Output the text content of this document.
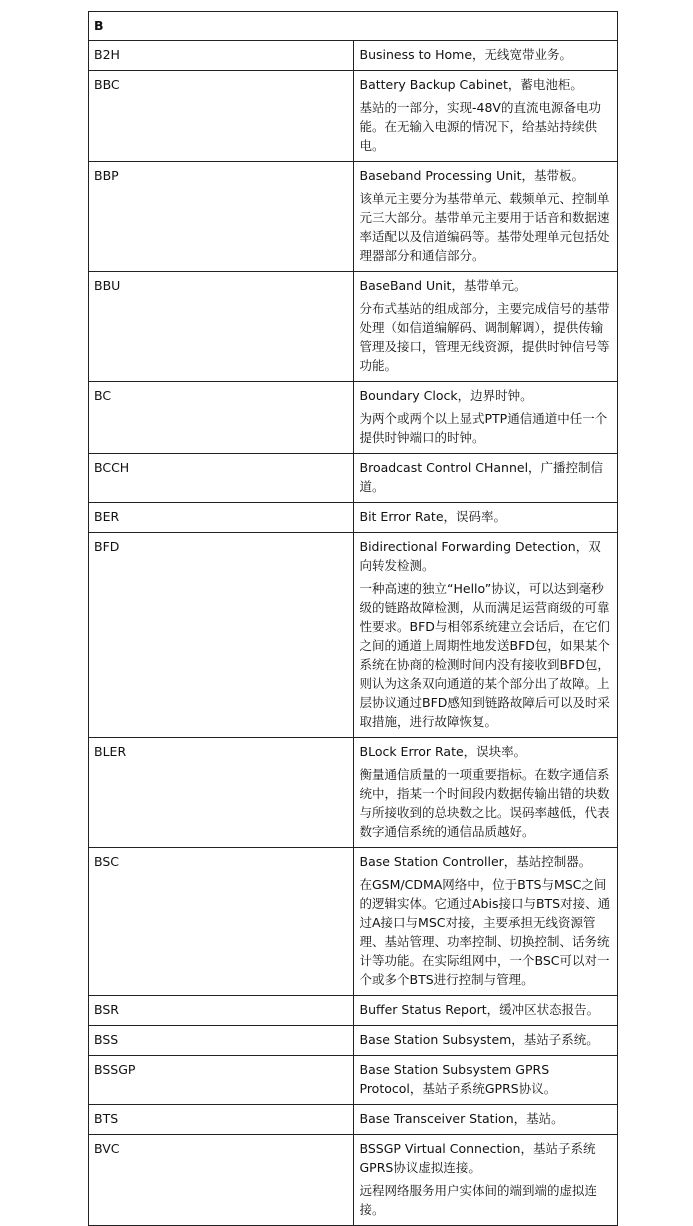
B	
B2H	Business to Home，无线宽带业务。

BBC	Battery Backup Cabinet，蓄电池柜。
基站的一部分，实现-48V的直流电源备电功能。在无输入电源的情况下，给基站持续供电。

BBP	Baseband Processing Unit，基带板。
该单元主要分为基带单元、载频单元、控制单元三大部分。基带单元主要用于话音和数据速率适配以及信道编码等。基带处理单元包括处理器部分和通信部分。

BBU	BaseBand Unit，基带单元。
分布式基站的组成部分，主要完成信号的基带处理（如信道编解码、调制解调），提供传输管理及接口，管理无线资源，提供时钟信号等功能。

BC	Boundary Clock，边界时钟。
为两个或两个以上显式PTP通信通道中任一个提供时钟端口的时钟。

BCCH	Broadcast Control CHannel，广播控制信道。

BER	Bit Error Rate，误码率。

BFD	Bidirectional Forwarding Detection，双向转发检测。
一种高速的独立“Hello”协议，可以达到毫秒级的链路故障检测，从而满足运营商级的可靠性要求。BFD与相邻系统建立会话后，在它们之间的通道上周期性地发送BFD包，如果某个系统在协商的检测时间内没有接收到BFD包，则认为这条双向通道的某个部分出了故障。上层协议通过BFD感知到链路故障后可以及时采取措施，进行故障恢复。

BLER	BLock Error Rate，误块率。
衡量通信质量的一项重要指标。在数字通信系统中，指某一个时间段内数据传输出错的块数与所接收到的总块数之比。误码率越低，代表数字通信系统的通信品质越好。

BSC	Base Station Controller，基站控制器。
在GSM/CDMA网络中，位于BTS与MSC之间的逻辑实体。它通过Abis接口与BTS对接、通过A接口与MSC对接，主要承担无线资源管理、基站管理、功率控制、切换控制、话务统计等功能。在实际组网中，一个BSC可以对一个或多个BTS进行控制与管理。

BSR	Buffer Status Report，缓冲区状态报告。

BSS	Base Station Subsystem，基站子系统。

BSSGP	Base Station Subsystem GPRS Protocol，基站子系统GPRS协议。

BTS	Base Transceiver Station，基站。

BVC	BSSGP Virtual Connection，基站子系统GPRS协议虚拟连接。
远程网络服务用户实体间的端到端的虚拟连接。
